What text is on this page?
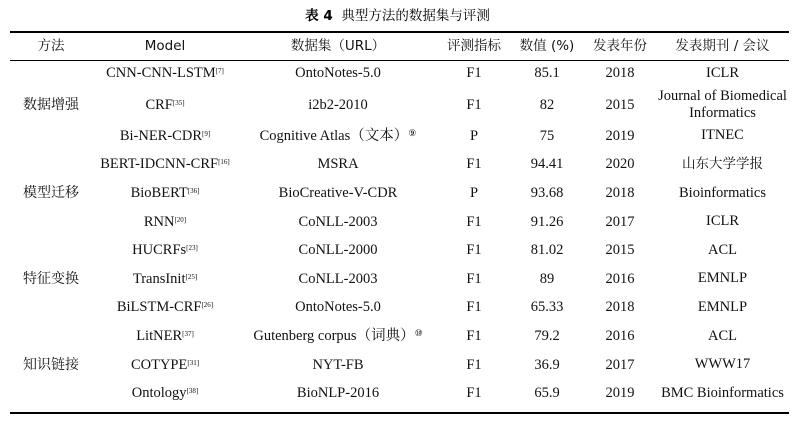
表 4 典型方法的数据集与评测
方法	Model	数据集（URL）	评测指标	数值 (%)	发表年份	发表期刊 / 会议
数据增强	CNN-CNN-LSTM[7]	OntoNotes-5.0	F1	85.1	2018	ICLR
	CRF[35]	i2b2-2010	F1	82	2015	Journal of Biomedical
Informatics
	Bi-NER-CDR[9]	Cognitive Atlas（文本）⑨	P	75	2019	ITNEC
模型迁移	BERT-IDCNN-CRF[16]	MSRA	F1	94.41	2020	山东大学学报
	BioBERT[36]	BioCreative-V-CDR	P	93.68	2018	Bioinformatics
	RNN[20]	CoNLL-2003	F1	91.26	2017	ICLR
特征变换	HUCRFs[23]	CoNLL-2000	F1	81.02	2015	ACL
	TransInit[25]	CoNLL-2003	F1	89	2016	EMNLP
	BiLSTM-CRF[26]	OntoNotes-5.0	F1	65.33	2018	EMNLP
知识链接	LitNER[37]	Gutenberg corpus（词典）⑩	F1	79.2	2016	ACL
	COTYPE[31]	NYT-FB	F1	36.9	2017	WWW17
	Ontology[38]	BioNLP-2016	F1	65.9	2019	BMC Bioinformatics
